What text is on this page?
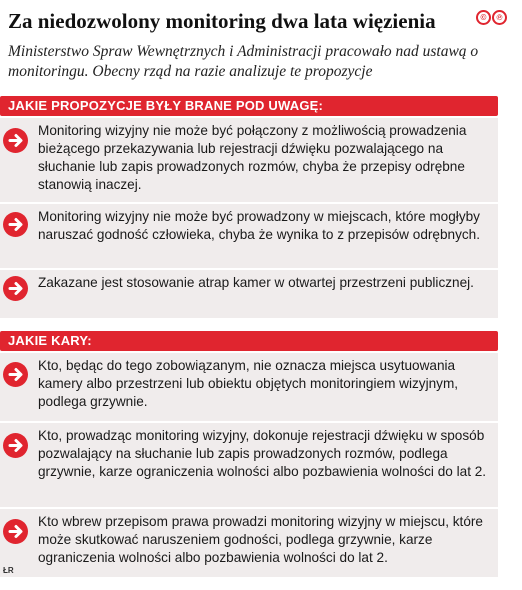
Za niedozwolony monitoring dwa lata więzienia	©	℗
Ministerstwo Spraw Wewnętrznych i Administracji pracowało nad ustawą o monitoringu. Obecny rząd na razie analizuje te propozycje
JAKIE PROPOZYCJE BYŁY BRANE POD UWAGĘ:
Monitoring wizyjny nie może być połączony z możliwością prowadzenia bieżącego przekazywania lub rejestracji dźwięku pozwalającego na słuchanie lub zapis prowadzonych rozmów, chyba że przepisy odrębne stanowią inaczej.
Monitoring wizyjny nie może być prowadzony w miejscach, które mogłyby naruszać godność człowieka, chyba że wynika to z przepisów odrębnych.
Zakazane jest stosowanie atrap kamer w otwartej przestrzeni publicznej.
JAKIE KARY:
Kto, będąc do tego zobowiązanym, nie oznacza miejsca usytuowania kamery albo przestrzeni lub obiektu objętych monitoringiem wizyjnym, podlega grzywnie.
Kto, prowadząc monitoring wizyjny, dokonuje rejestracji dźwięku w sposób pozwalający na słuchanie lub zapis prowadzonych rozmów, podlega grzywnie, karze ograniczenia wolności albo pozbawienia wolności do lat 2.
Kto wbrew przepisom prawa prowadzi monitoring wizyjny w miejscu, które może skutkować naruszeniem godności, podlega grzywnie, karze ograniczenia wolności albo pozbawienia wolności do lat 2.
ŁR
